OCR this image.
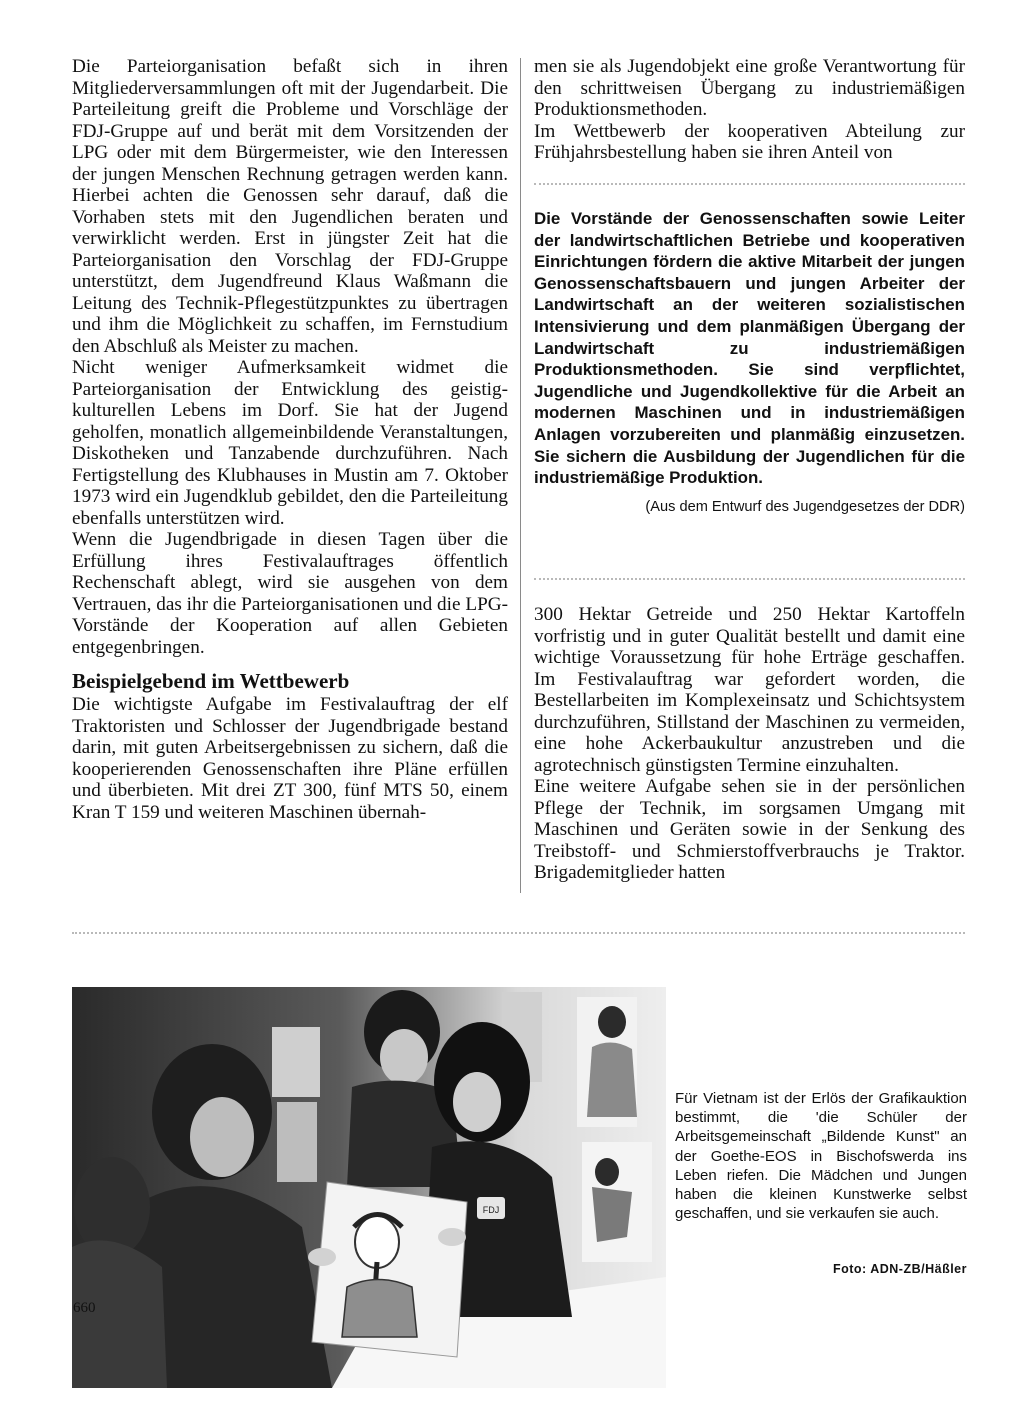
Die Parteiorganisation befaßt sich in ihren Mitgliederversammlungen oft mit der Jugendarbeit. Die Parteileitung greift die Probleme und Vorschläge der FDJ-Gruppe auf und berät mit dem Vorsitzenden der LPG oder mit dem Bürgermeister, wie den Interessen der jungen Menschen Rechnung getragen werden kann. Hierbei achten die Genossen sehr darauf, daß die Vorhaben stets mit den Jugendlichen beraten und verwirklicht werden. Erst in jüngster Zeit hat die Parteiorganisation den Vorschlag der FDJ-Gruppe unterstützt, dem Jugendfreund Klaus Waßmann die Leitung des Technik-Pflegestützpunktes zu übertragen und ihm die Möglichkeit zu schaffen, im Fernstudium den Abschluß als Meister zu machen.

Nicht weniger Aufmerksamkeit widmet die Parteiorganisation der Entwicklung des geistig-kulturellen Lebens im Dorf. Sie hat der Jugend geholfen, monatlich allgemeinbildende Veranstaltungen, Diskotheken und Tanzabende durchzuführen. Nach Fertigstellung des Klubhauses in Mustin am 7. Oktober 1973 wird ein Jugendklub gebildet, den die Parteileitung ebenfalls unterstützen wird.

Wenn die Jugendbrigade in diesen Tagen über die Erfüllung ihres Festivalauftrages öffentlich Rechenschaft ablegt, wird sie ausgehen von dem Vertrauen, das ihr die Parteiorganisationen und die LPG-Vorstände der Kooperation auf allen Gebieten entgegenbringen.

Beispielgebend im Wettbewerb

Die wichtigste Aufgabe im Festivalauftrag der elf Traktoristen und Schlosser der Jugendbrigade bestand darin, mit guten Arbeitsergebnissen zu sichern, daß die kooperierenden Genossenschaften ihre Pläne erfüllen und überbieten. Mit drei ZT 300, fünf MTS 50, einem Kran T 159 und weiteren Maschinen übernah-

men sie als Jugendobjekt eine große Verantwortung für den schrittweisen Übergang zu industriemäßigen Produktionsmethoden.

Im Wettbewerb der kooperativen Abteilung zur Frühjahrsbestellung haben sie ihren Anteil von

Die Vorstände der Genossenschaften sowie Leiter der landwirtschaftlichen Betriebe und kooperativen Einrichtungen fördern die aktive Mitarbeit der jungen Genossenschaftsbauern und jungen Arbeiter der Landwirtschaft an der weiteren sozialistischen Intensivierung und dem planmäßigen Übergang der Landwirtschaft zu industriemäßigen Produktionsmethoden. Sie sind verpflichtet, Jugendliche und Jugendkollektive für die Arbeit an modernen Maschinen und in industriemäßigen Anlagen vorzubereiten und planmäßig einzusetzen. Sie sichern die Ausbildung der Jugendlichen für die industriemäßige Produktion.

(Aus dem Entwurf des Jugendgesetzes der DDR)

300 Hektar Getreide und 250 Hektar Kartoffeln vorfristig und in guter Qualität bestellt und damit eine wichtige Voraussetzung für hohe Erträge geschaffen. Im Festivalauftrag war gefordert worden, die Bestellarbeiten im Komplexeinsatz und Schichtsystem durchzuführen, Stillstand der Maschinen zu vermeiden, eine hohe Ackerbaukultur anzustreben und die agrotechnisch günstigsten Termine einzuhalten.

Eine weitere Aufgabe sehen sie in der persönlichen Pflege der Technik, im sorgsamen Umgang mit Maschinen und Geräten sowie in der Senkung des Treibstoff- und Schmierstoffverbrauchs je Traktor. Brigademitglieder hatten

FDJ
Für Vietnam ist der Erlös der Grafikauktion bestimmt, die 'die Schüler der Arbeitsgemeinschaft „Bildende Kunst" an der Goethe-EOS in Bischofswerda ins Leben riefen. Die Mädchen und Jungen haben die kleinen Kunstwerke selbst geschaffen, und sie verkaufen sie auch.
Foto: ADN-ZB/Häßler
660
